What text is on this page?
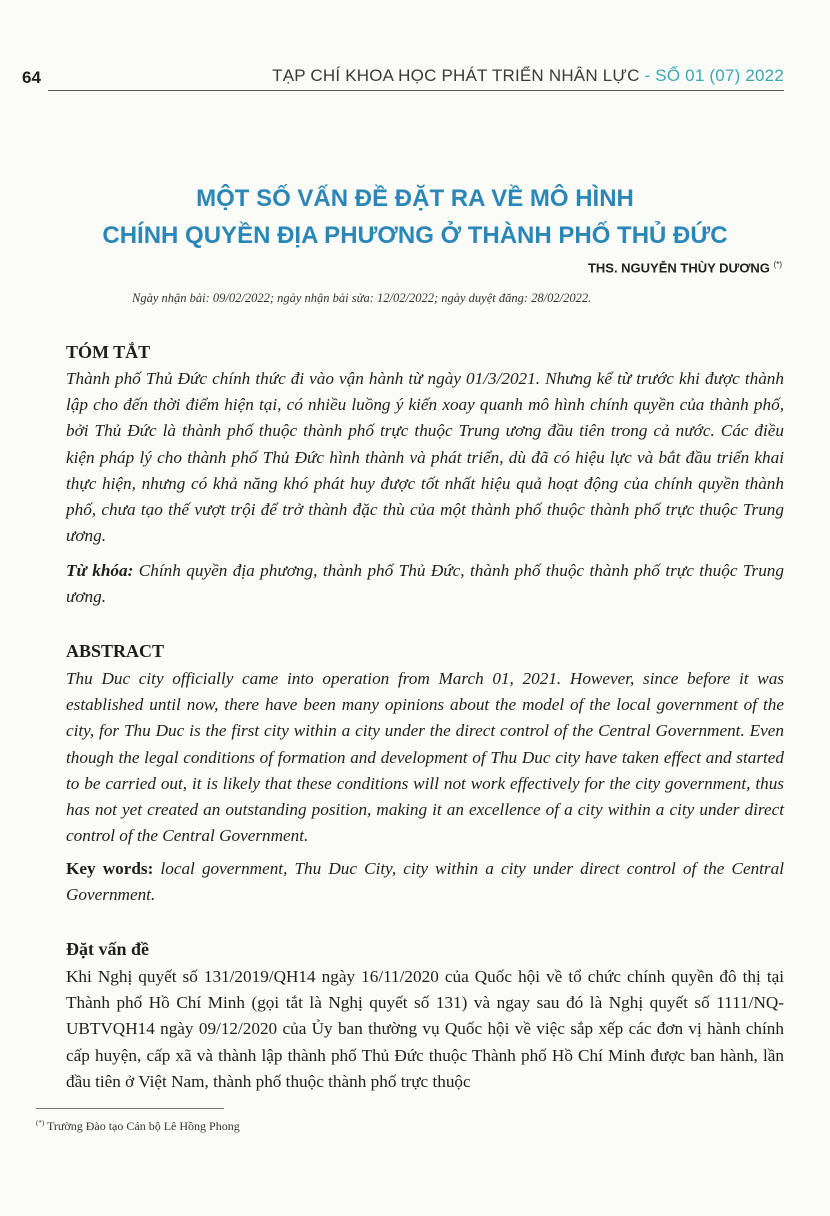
64	TẠP CHÍ KHOA HỌC PHÁT TRIỂN NHÂN LỰC - SỐ 01 (07) 2022
MỘT SỐ VẤN ĐỀ ĐẶT RA VỀ MÔ HÌNH
CHÍNH QUYỀN ĐỊA PHƯƠNG Ở THÀNH PHỐ THỦ ĐỨC
THS. NGUYỄN THÙY DƯƠNG (*)
Ngày nhận bài: 09/02/2022; ngày nhận bài sửa: 12/02/2022; ngày duyệt đăng: 28/02/2022.
TÓM TẮT

Thành phố Thủ Đức chính thức đi vào vận hành từ ngày 01/3/2021. Nhưng kể từ trước khi được thành lập cho đến thời điểm hiện tại, có nhiều luồng ý kiến xoay quanh mô hình chính quyền của thành phố, bởi Thủ Đức là thành phố thuộc thành phố trực thuộc Trung ương đầu tiên trong cả nước. Các điều kiện pháp lý cho thành phố Thủ Đức hình thành và phát triển, dù đã có hiệu lực và bắt đầu triển khai thực hiện, nhưng có khả năng khó phát huy được tốt nhất hiệu quả hoạt động của chính quyền thành phố, chưa tạo thế vượt trội để trở thành đặc thù của một thành phố thuộc thành phố trực thuộc Trung ương.

Từ khóa: Chính quyền địa phương, thành phố Thủ Đức, thành phố thuộc thành phố trực thuộc Trung ương.

ABSTRACT

Thu Duc city officially came into operation from March 01, 2021. However, since before it was established until now, there have been many opinions about the model of the local government of the city, for Thu Duc is the first city within a city under the direct control of the Central Government. Even though the legal conditions of formation and development of Thu Duc city have taken effect and started to be carried out, it is likely that these conditions will not work effectively for the city government, thus has not yet created an outstanding position, making it an excellence of a city within a city under direct control of the Central Government.

Key words: local government, Thu Duc City, city within a city under direct control of the Central Government.

Đặt vấn đề

Khi Nghị quyết số 131/2019/QH14 ngày 16/11/2020 của Quốc hội về tổ chức chính quyền đô thị tại Thành phố Hồ Chí Minh (gọi tắt là Nghị quyết số 131) và ngay sau đó là Nghị quyết số 1111/NQ-UBTVQH14 ngày 09/12/2020 của Ủy ban thường vụ Quốc hội về việc sắp xếp các đơn vị hành chính cấp huyện, cấp xã và thành lập thành phố Thủ Đức thuộc Thành phố Hồ Chí Minh được ban hành, lần đầu tiên ở Việt Nam, thành phố thuộc thành phố trực thuộc

(*) Trường Đào tạo Cán bộ Lê Hồng Phong
